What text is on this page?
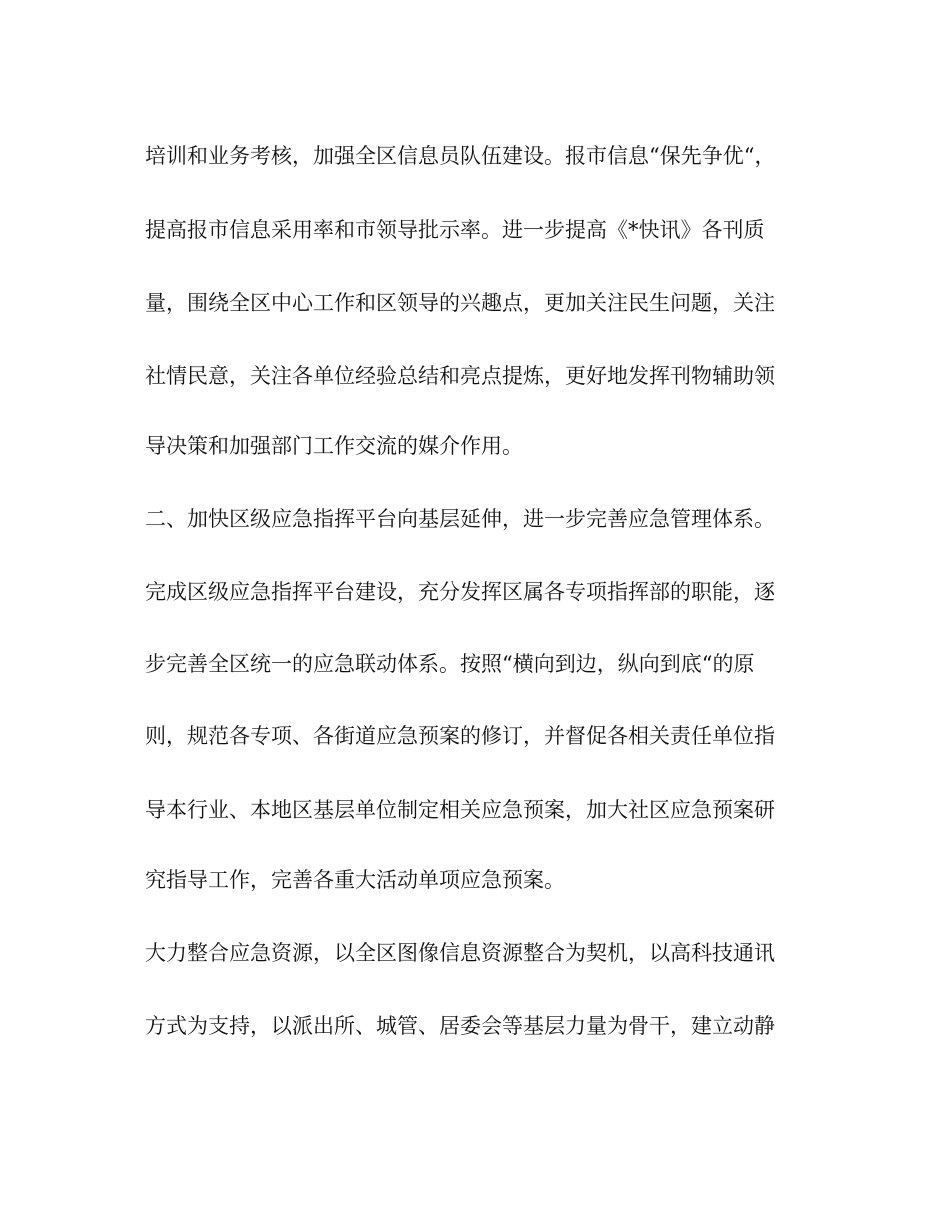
培训和业务考核，加强全区信息员队伍建设。报市信息“保先争优“，
提高报市信息采用率和市领导批示率。进一步提高《*快讯》各刊质
量，围绕全区中心工作和区领导的兴趣点，更加关注民生问题，关注
社情民意，关注各单位经验总结和亮点提炼，更好地发挥刊物辅助领
导决策和加强部门工作交流的媒介作用。
二、加快区级应急指挥平台向基层延伸，进一步完善应急管理体系。
完成区级应急指挥平台建设，充分发挥区属各专项指挥部的职能，逐
步完善全区统一的应急联动体系。按照“横向到边，纵向到底“的原
则，规范各专项、各街道应急预案的修订，并督促各相关责任单位指
导本行业、本地区基层单位制定相关应急预案，加大社区应急预案研
究指导工作，完善各重大活动单项应急预案。
大力整合应急资源，以全区图像信息资源整合为契机，以高科技通讯
方式为支持，以派出所、城管、居委会等基层力量为骨干，建立动静
